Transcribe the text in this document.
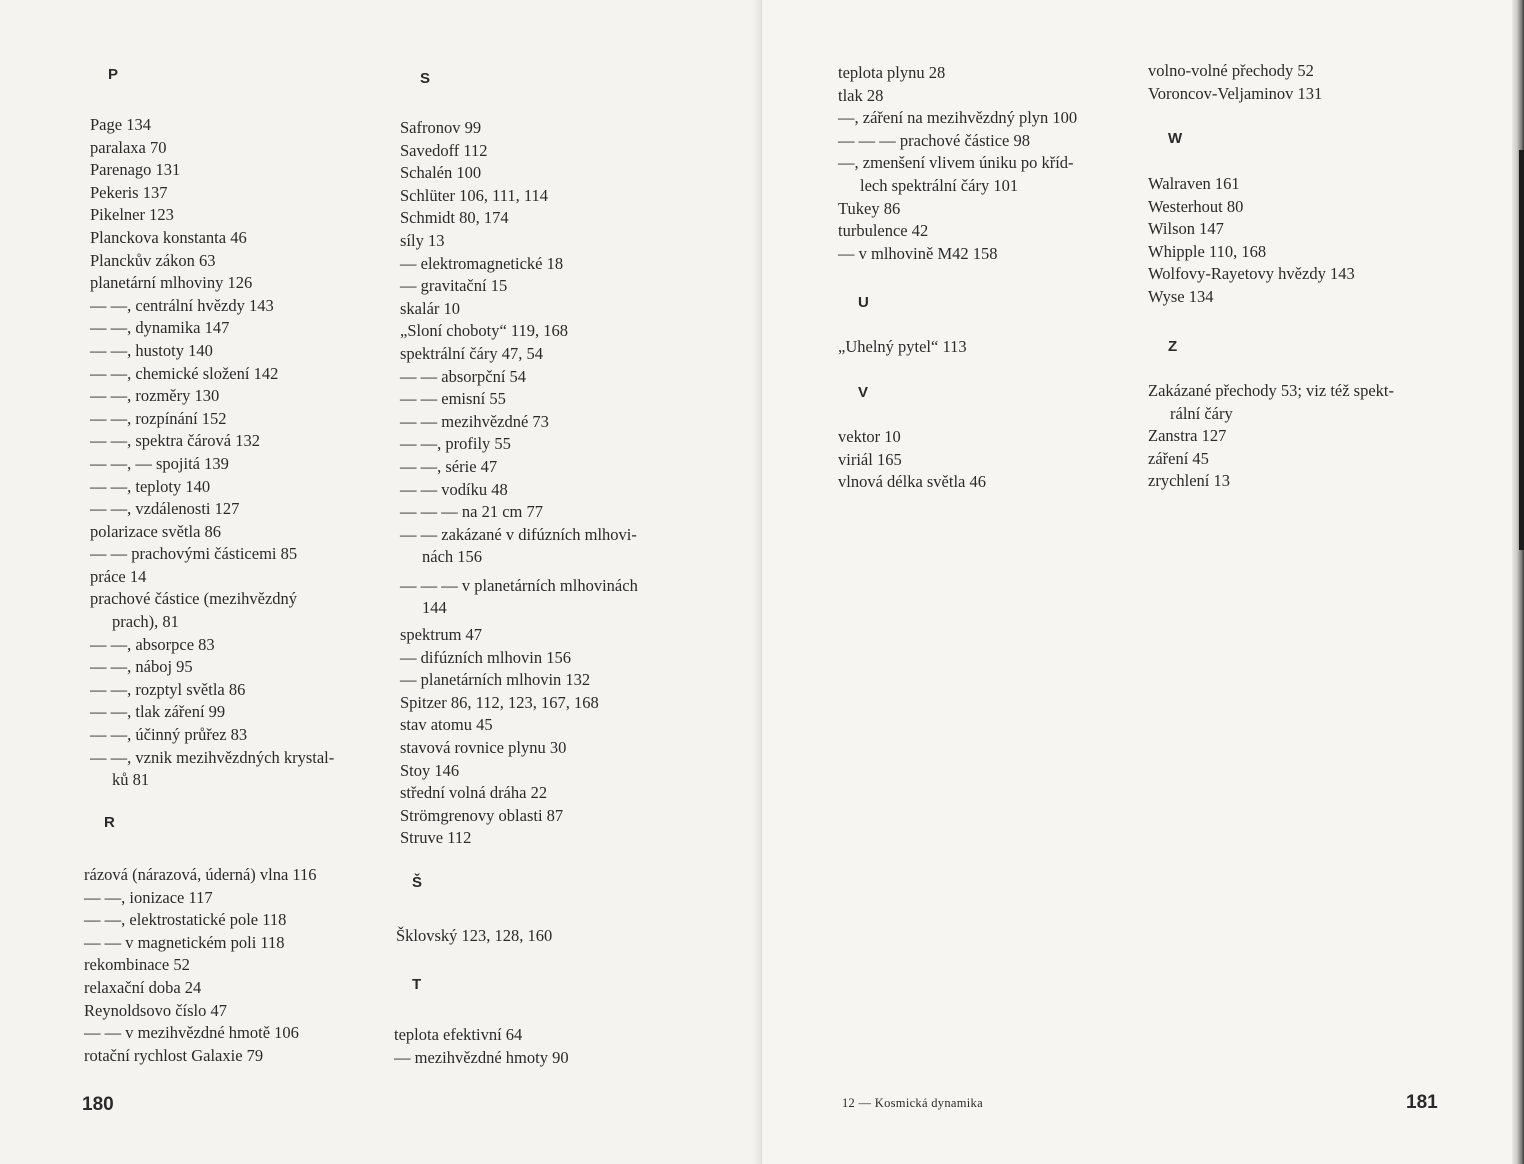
P
Page 134
paralaxa 70
Parenago 131
Pekeris 137
Pikelner 123
Planckova konstanta 46
Planckův zákon 63
planetární mlhoviny 126
— —, centrální hvězdy 143
— —, dynamika 147
— —, hustoty 140
— —, chemické složení 142
— —, rozměry 130
— —, rozpínání 152
— —, spektra čárová 132
— —, — spojitá 139
— —, teploty 140
— —, vzdálenosti 127
polarizace světla 86
— — prachovými částicemi 85
práce 14
prachové částice (mezihvězdný
prach), 81
— —, absorpce 83
— —, náboj 95
— —, rozptyl světla 86
— —, tlak záření 99
— —, účinný průřez 83
— —, vznik mezihvězdných krystal-
ků 81
R
rázová (nárazová, úderná) vlna 116
— —, ionizace 117
— —, elektrostatické pole 118
— — v magnetickém poli 118
rekombinace 52
relaxační doba 24
Reynoldsovo číslo 47
— — v mezihvězdné hmotě 106
rotační rychlost Galaxie 79
S
Safronov 99
Savedoff 112
Schalén 100
Schlüter 106, 111, 114
Schmidt 80, 174
síly 13
— elektromagnetické 18
— gravitační 15
skalár 10
„Sloní choboty“ 119, 168
spektrální čáry 47, 54
— — absorpční 54
— — emisní 55
— — mezihvězdné 73
— —, profily 55
— —, série 47
— — vodíku 48
— — — na 21 cm 77
— — zakázané v difúzních mlhovi-
nách 156
— — — v planetárních mlhovinách
144
spektrum 47
— difúzních mlhovin 156
— planetárních mlhovin 132
Spitzer 86, 112, 123, 167, 168
stav atomu 45
stavová rovnice plynu 30
Stoy 146
střední volná dráha 22
Strömgrenovy oblasti 87
Struve 112
Š
Šklovský 123, 128, 160
T
teplota efektivní 64
— mezihvězdné hmoty 90
180
teplota plynu 28
tlak 28
—, záření na mezihvězdný plyn 100
— — — prachové částice 98
—, zmenšení vlivem úniku po kříd-
lech spektrální čáry 101
Tukey 86
turbulence 42
— v mlhovině M42 158
U
„Uhelný pytel“ 113
V
vektor 10
viriál 165
vlnová délka světla 46
volno-volné přechody 52
Voroncov-Veljaminov 131
W
Walraven 161
Westerhout 80
Wilson 147
Whipple 110, 168
Wolfovy-Rayetovy hvězdy 143
Wyse 134
Z
Zakázané přechody 53; viz též spekt-
rální čáry
Zanstra 127
záření 45
zrychlení 13
12 — Kosmická dynamika	181
